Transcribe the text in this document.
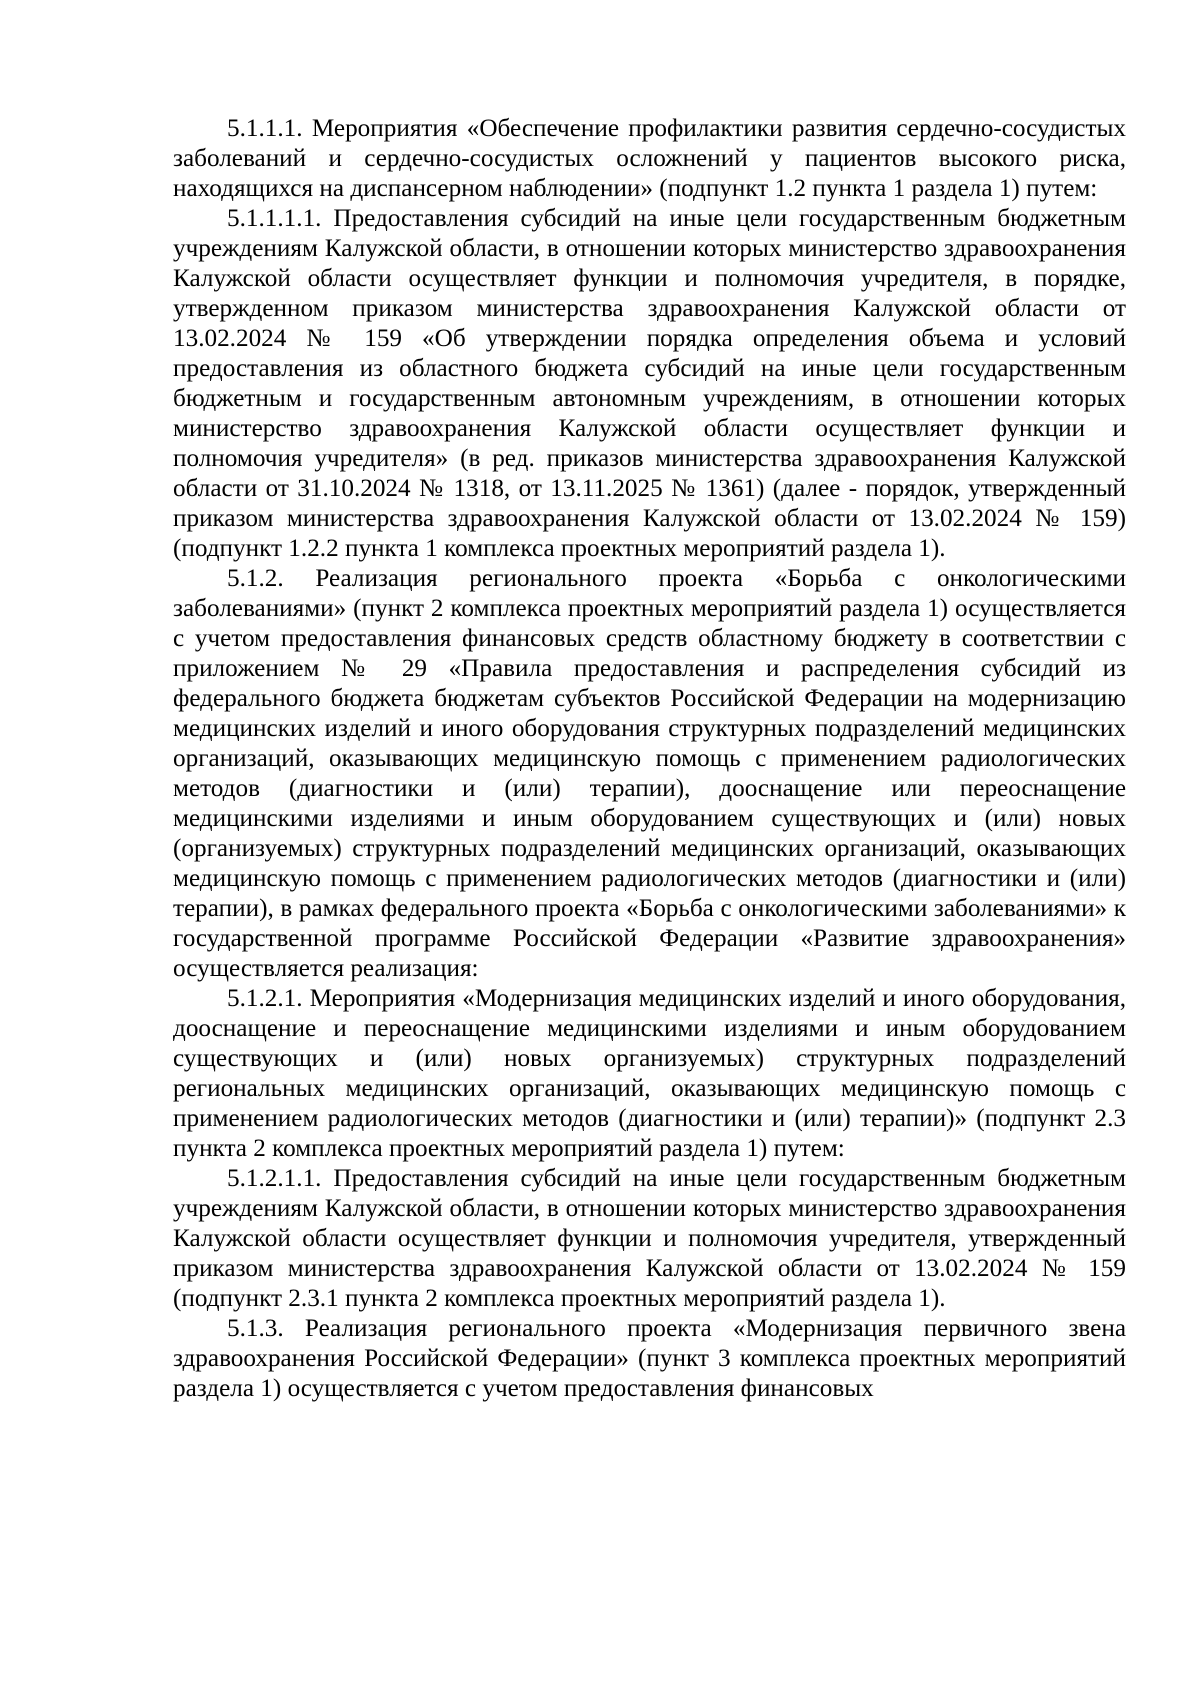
5.1.1.1. Мероприятия «Обеспечение профилактики развития сердечно-сосудистых заболеваний и сердечно-сосудистых осложнений у пациентов высокого риска, находящихся на диспансерном наблюдении» (подпункт 1.2 пункта 1 раздела 1) путем:

5.1.1.1.1. Предоставления субсидий на иные цели государственным бюджетным учреждениям Калужской области, в отношении которых министерство здравоохранения Калужской области осуществляет функции и полномочия учредителя, в порядке, утвержденном приказом министерства здравоохранения Калужской области от 13.02.2024 № 159 «Об утверждении порядка определения объема и условий предоставления из областного бюджета субсидий на иные цели государственным бюджетным и государственным автономным учреждениям, в отношении которых министерство здравоохранения Калужской области осуществляет функции и полномочия учредителя» (в ред. приказов министерства здравоохранения Калужской области от 31.10.2024 № 1318, от 13.11.2025 № 1361) (далее - порядок, утвержденный приказом министерства здравоохранения Калужской области от 13.02.2024 № 159) (подпункт 1.2.2 пункта 1 комплекса проектных мероприятий раздела 1).

5.1.2. Реализация регионального проекта «Борьба с онкологическими заболеваниями» (пункт 2 комплекса проектных мероприятий раздела 1) осуществляется с учетом предоставления финансовых средств областному бюджету в соответствии с приложением № 29 «Правила предоставления и распределения субсидий из федерального бюджета бюджетам субъектов Российской Федерации на модернизацию медицинских изделий и иного оборудования структурных подразделений медицинских организаций, оказывающих медицинскую помощь с применением радиологических методов (диагностики и (или) терапии), дооснащение или переоснащение медицинскими изделиями и иным оборудованием существующих и (или) новых (организуемых) структурных подразделений медицинских организаций, оказывающих медицинскую помощь с применением радиологических методов (диагностики и (или) терапии), в рамках федерального проекта «Борьба с онкологическими заболеваниями» к государственной программе Российской Федерации «Развитие здравоохранения» осуществляется реализация:

5.1.2.1. Мероприятия «Модернизация медицинских изделий и иного оборудования, дооснащение и переоснащение медицинскими изделиями и иным оборудованием существующих и (или) новых организуемых) структурных подразделений региональных медицинских организаций, оказывающих медицинскую помощь с применением радиологических методов (диагностики и (или) терапии)» (подпункт 2.3 пункта 2 комплекса проектных мероприятий раздела 1) путем:

5.1.2.1.1. Предоставления субсидий на иные цели государственным бюджетным учреждениям Калужской области, в отношении которых министерство здравоохранения Калужской области осуществляет функции и полномочия учредителя, утвержденный приказом министерства здравоохранения Калужской области от 13.02.2024 № 159 (подпункт 2.3.1 пункта 2 комплекса проектных мероприятий раздела 1).

5.1.3. Реализация регионального проекта «Модернизация первичного звена здравоохранения Российской Федерации» (пункт 3 комплекса проектных мероприятий раздела 1) осуществляется с учетом предоставления финансовых
